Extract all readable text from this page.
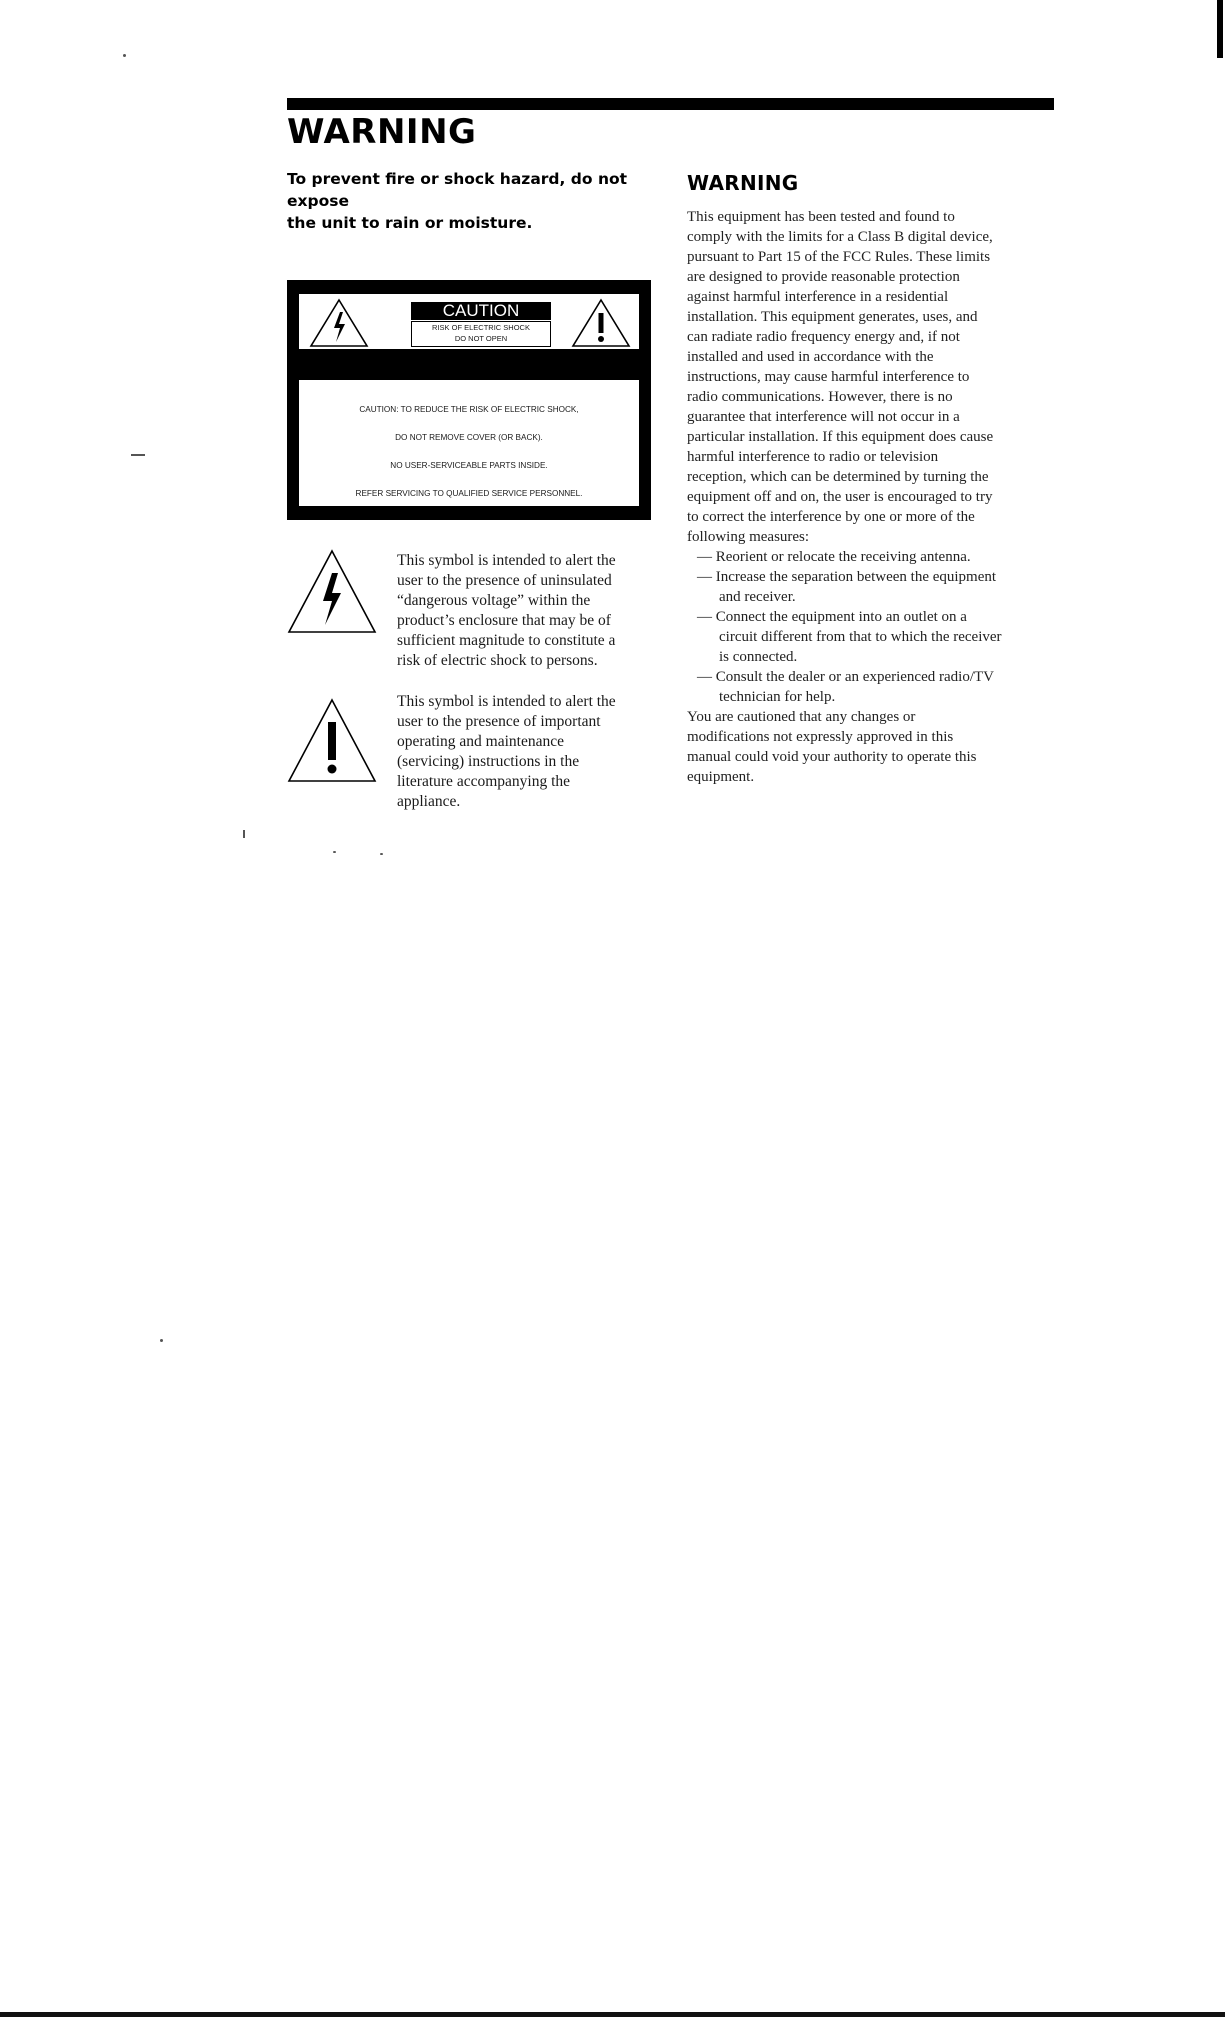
WARNING
To prevent fire or shock hazard, do not expose
the unit to rain or moisture.
CAUTION
RISK OF ELECTRIC SHOCK
DO NOT OPEN
CAUTION: TO REDUCE THE RISK OF ELECTRIC SHOCK,
DO NOT REMOVE COVER (OR BACK).
NO USER-SERVICEABLE PARTS INSIDE.
REFER SERVICING TO QUALIFIED SERVICE PERSONNEL.
This symbol is intended to alert the
user to the presence of uninsulated
“dangerous voltage” within the
product’s enclosure that may be of
sufficient magnitude to constitute a
risk of electric shock to persons.
This symbol is intended to alert the
user to the presence of important
operating and maintenance
(servicing) instructions in the
literature accompanying the
appliance.
WARNING
This equipment has been tested and found to
comply with the limits for a Class B digital device,
pursuant to Part 15 of the FCC Rules. These limits
are designed to provide reasonable protection
against harmful interference in a residential
installation. This equipment generates, uses, and
can radiate radio frequency energy and, if not
installed and used in accordance with the
instructions, may cause harmful interference to
radio communications. However, there is no
guarantee that interference will not occur in a
particular installation. If this equipment does cause
harmful interference to radio or television
reception, which can be determined by turning the
equipment off and on, the user is encouraged to try
to correct the interference by one or more of the
following measures:
— Reorient or relocate the receiving antenna.
— Increase the separation between the equipment
and receiver.
— Connect the equipment into an outlet on a
circuit different from that to which the receiver
is connected.
— Consult the dealer or an experienced radio/TV
technician for help.
You are cautioned that any changes or
modifications not expressly approved in this
manual could void your authority to operate this
equipment.
